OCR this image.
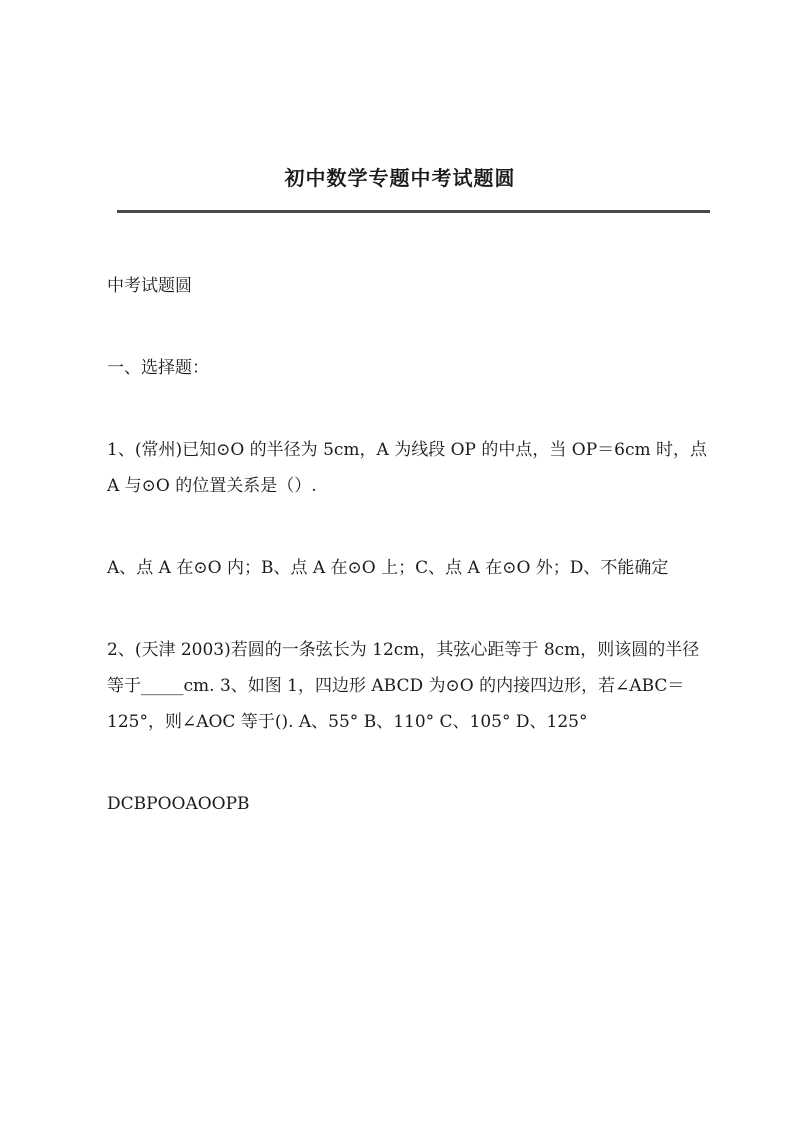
初中数学专题中考试题圆

中考试题圆

一、选择题：

1、(常州)已知⊙O 的半径为 5cm，A 为线段 OP 的中点，当 OP＝6cm 时，点 A 与⊙O 的位置关系是（）.

A、点 A 在⊙O 内；B、点 A 在⊙O 上；C、点 A 在⊙O 外；D、不能确定

2、(天津 2003)若圆的一条弦长为 12cm，其弦心距等于 8cm，则该圆的半径等于_____cm. 3、如图 1，四边形 ABCD 为⊙O 的内接四边形，若∠ABC＝125°，则∠AOC 等于(). A、55° B、110° C、105° D、125°

DCBPOOAOOPB
